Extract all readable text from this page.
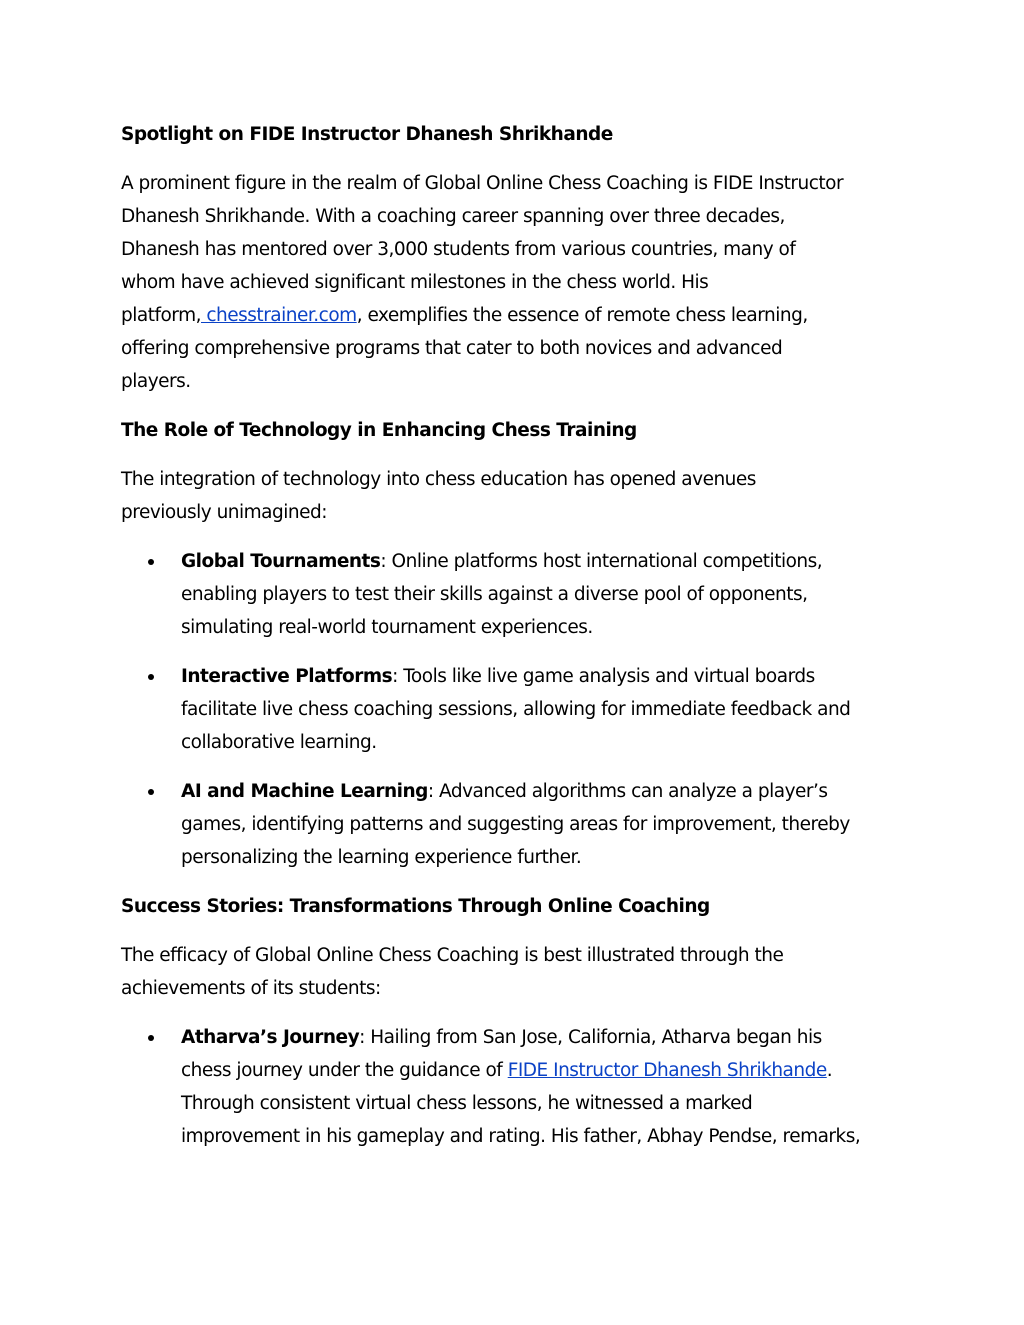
Spotlight on FIDE Instructor Dhanesh Shrikhande
A prominent figure in the realm of Global Online Chess Coaching is FIDE Instructor
Dhanesh Shrikhande. With a coaching career spanning over three decades,
Dhanesh has mentored over 3,000 students from various countries, many of
whom have achieved significant milestones in the chess world. His
platform, chesstrainer.com, exemplifies the essence of remote chess learning,
offering comprehensive programs that cater to both novices and advanced
players.
The Role of Technology in Enhancing Chess Training
The integration of technology into chess education has opened avenues
previously unimagined:
Global Tournaments: Online platforms host international competitions,
enabling players to test their skills against a diverse pool of opponents,
simulating real-world tournament experiences.
Interactive Platforms: Tools like live game analysis and virtual boards
facilitate live chess coaching sessions, allowing for immediate feedback and
collaborative learning.
AI and Machine Learning: Advanced algorithms can analyze a player’s
games, identifying patterns and suggesting areas for improvement, thereby
personalizing the learning experience further.
Success Stories: Transformations Through Online Coaching
The efficacy of Global Online Chess Coaching is best illustrated through the
achievements of its students:
Atharva’s Journey: Hailing from San Jose, California, Atharva began his
chess journey under the guidance of FIDE Instructor Dhanesh Shrikhande.
Through consistent virtual chess lessons, he witnessed a marked
improvement in his gameplay and rating. His father, Abhay Pendse, remarks,
